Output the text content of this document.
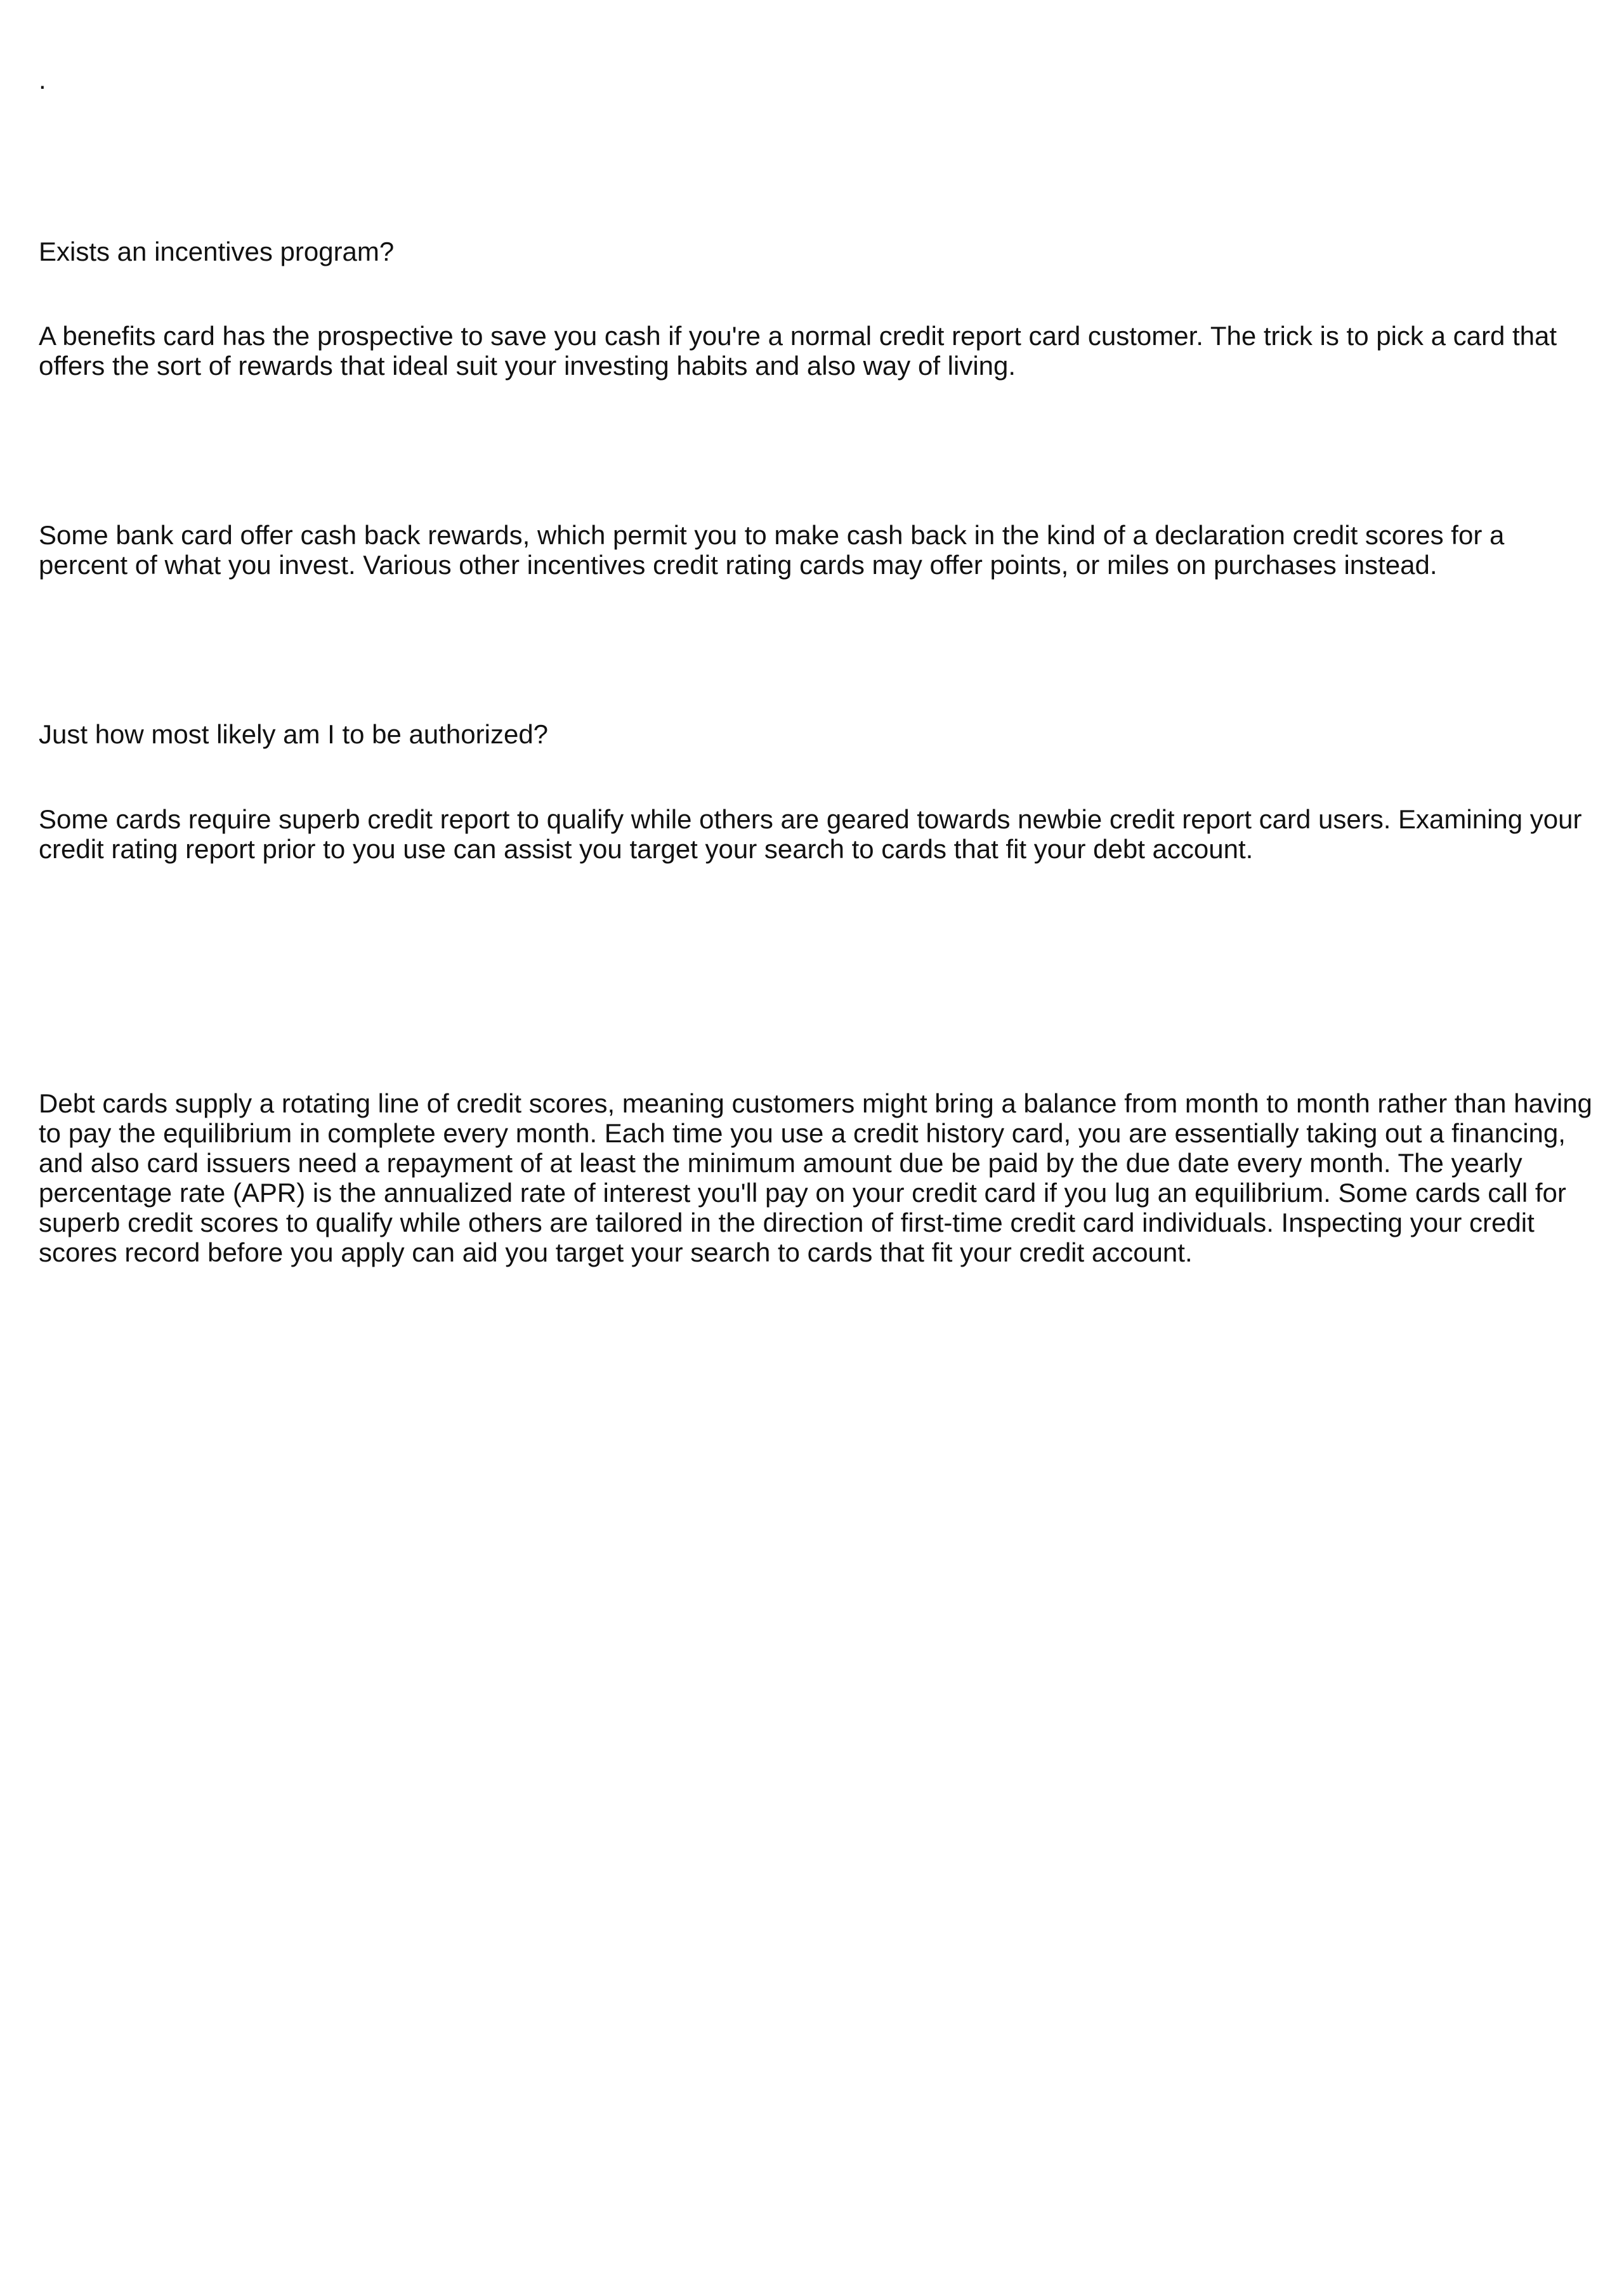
.

Exists an incentives program?

A benefits card has the prospective to save you cash if you're a normal credit report card customer. The trick is to pick a card that offers the sort of rewards that ideal suit your investing habits and also way of living.

Some bank card offer cash back rewards, which permit you to make cash back in the kind of a declaration credit scores for a percent of what you invest. Various other incentives credit rating cards may offer points, or miles on purchases instead.

Just how most likely am I to be authorized?

Some cards require superb credit report to qualify while others are geared towards newbie credit report card users. Examining your credit rating report prior to you use can assist you target your search to cards that fit your debt account.

Debt cards supply a rotating line of credit scores, meaning customers might bring a balance from month to month rather than having to pay the equilibrium in complete every month. Each time you use a credit history card, you are essentially taking out a financing, and also card issuers need a repayment of at least the minimum amount due be paid by the due date every month. The yearly percentage rate (APR) is the annualized rate of interest you'll pay on your credit card if you lug an equilibrium. Some cards call for superb credit scores to qualify while others are tailored in the direction of first-time credit card individuals. Inspecting your credit scores record before you apply can aid you target your search to cards that fit your credit account.
